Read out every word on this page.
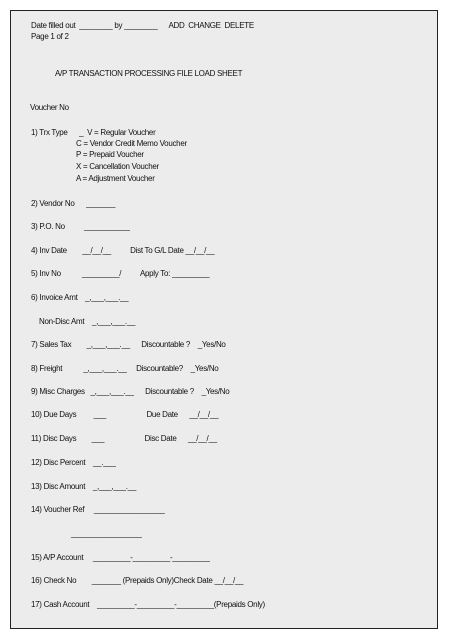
Date filled out  ________ by ________      ADD  CHANGE  DELETE
Page 1 of 2
A/P TRANSACTION PROCESSING FILE LOAD SHEET
Voucher No
1) Trx Type      _  V = Regular Voucher
C = Vendor Credit Memo Voucher
P = Prepaid Voucher
X = Cancellation Voucher
A = Adjustment Voucher
2) Vendor No      _______
3) P.O. No          ___________
4) Inv Date        __/__/__          Dist To G/L Date __/__/__
5) Inv No           _________/          Apply To: _________
6) Invoice Amt    _,___,___.__
Non-Disc Amt    _,___,___.__
7) Sales Tax        _,___,___.__      Discountable ?    _Yes/No
8) Freight           _,___,___.__     Discountable?    _Yes/No
9) Misc Charges   _,___,___.__      Discountable ?    _Yes/No
10) Due Days         ___                     Due Date      __/__/__
11) Disc Days        ___                     Disc Date      __/__/__
12) Disc Percent    __.___
13) Disc Amount    _,___,___.__
14) Voucher Ref     _________________
_________________
15) A/P Account     _________-_________-_________
16) Check No        _______ (Prepaids Only)Check Date __/__/__
17) Cash Account    _________-_________-_________(Prepaids Only)
